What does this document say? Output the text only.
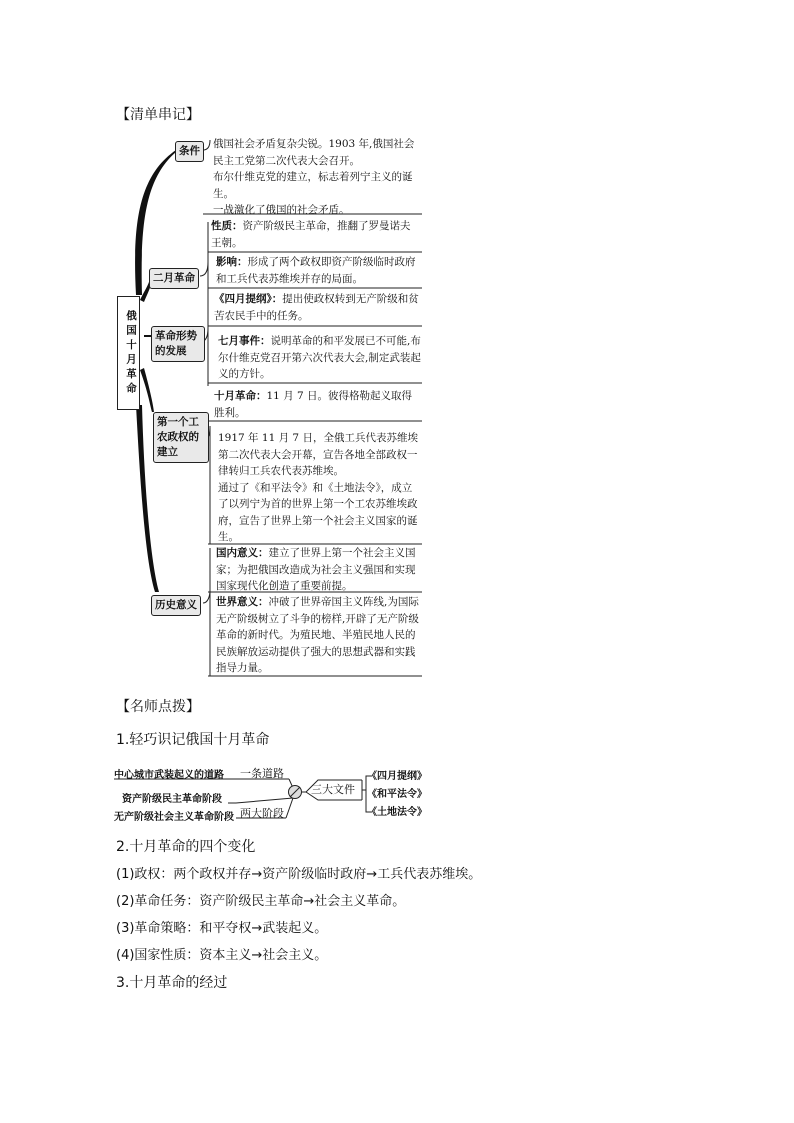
【清单串记】
俄国十月革命
条件
二月革命
革命形势的发展
第一个工农政权的建立
历史意义
俄国社会矛盾复杂尖锐。1903 年,俄国社会民主工党第二次代表大会召开。
布尔什维克党的建立，标志着列宁主义的诞生。
一战激化了俄国的社会矛盾。
性质：资产阶级民主革命，推翻了罗曼诺夫王朝。
影响：形成了两个政权即资产阶级临时政府和工兵代表苏维埃并存的局面。
《四月提纲》：提出使政权转到无产阶级和贫苦农民手中的任务。
七月事件：说明革命的和平发展已不可能,布尔什维克党召开第六次代表大会,制定武装起义的方针。
十月革命：11 月 7 日。彼得格勒起义取得胜利。
1917 年 11 月 7 日，全俄工兵代表苏维埃第二次代表大会开幕，宣告各地全部政权一律转归工兵农代表苏维埃。
通过了《和平法令》和《土地法令》，成立了以列宁为首的世界上第一个工农苏维埃政府，宣告了世界上第一个社会主义国家的诞生。
国内意义：建立了世界上第一个社会主义国家；为把俄国改造成为社会主义强国和实现国家现代化创造了重要前提。
世界意义：冲破了世界帝国主义阵线,为国际无产阶级树立了斗争的榜样,开辟了无产阶级革命的新时代。为殖民地、半殖民地人民的民族解放运动提供了强大的思想武器和实践指导力量。
【名师点拨】
1.轻巧识记俄国十月革命
中心城市武装起义的道路 一条道路
资产阶级民主革命阶段
无产阶级社会主义革命阶段 两大阶段
三大文件
《四月提纲》
《和平法令》
《土地法令》
2.十月革命的四个变化
(1)政权：两个政权并存→资产阶级临时政府→工兵代表苏维埃。
(2)革命任务：资产阶级民主革命→社会主义革命。
(3)革命策略：和平夺权→武装起义。
(4)国家性质：资本主义→社会主义。
3.十月革命的经过
